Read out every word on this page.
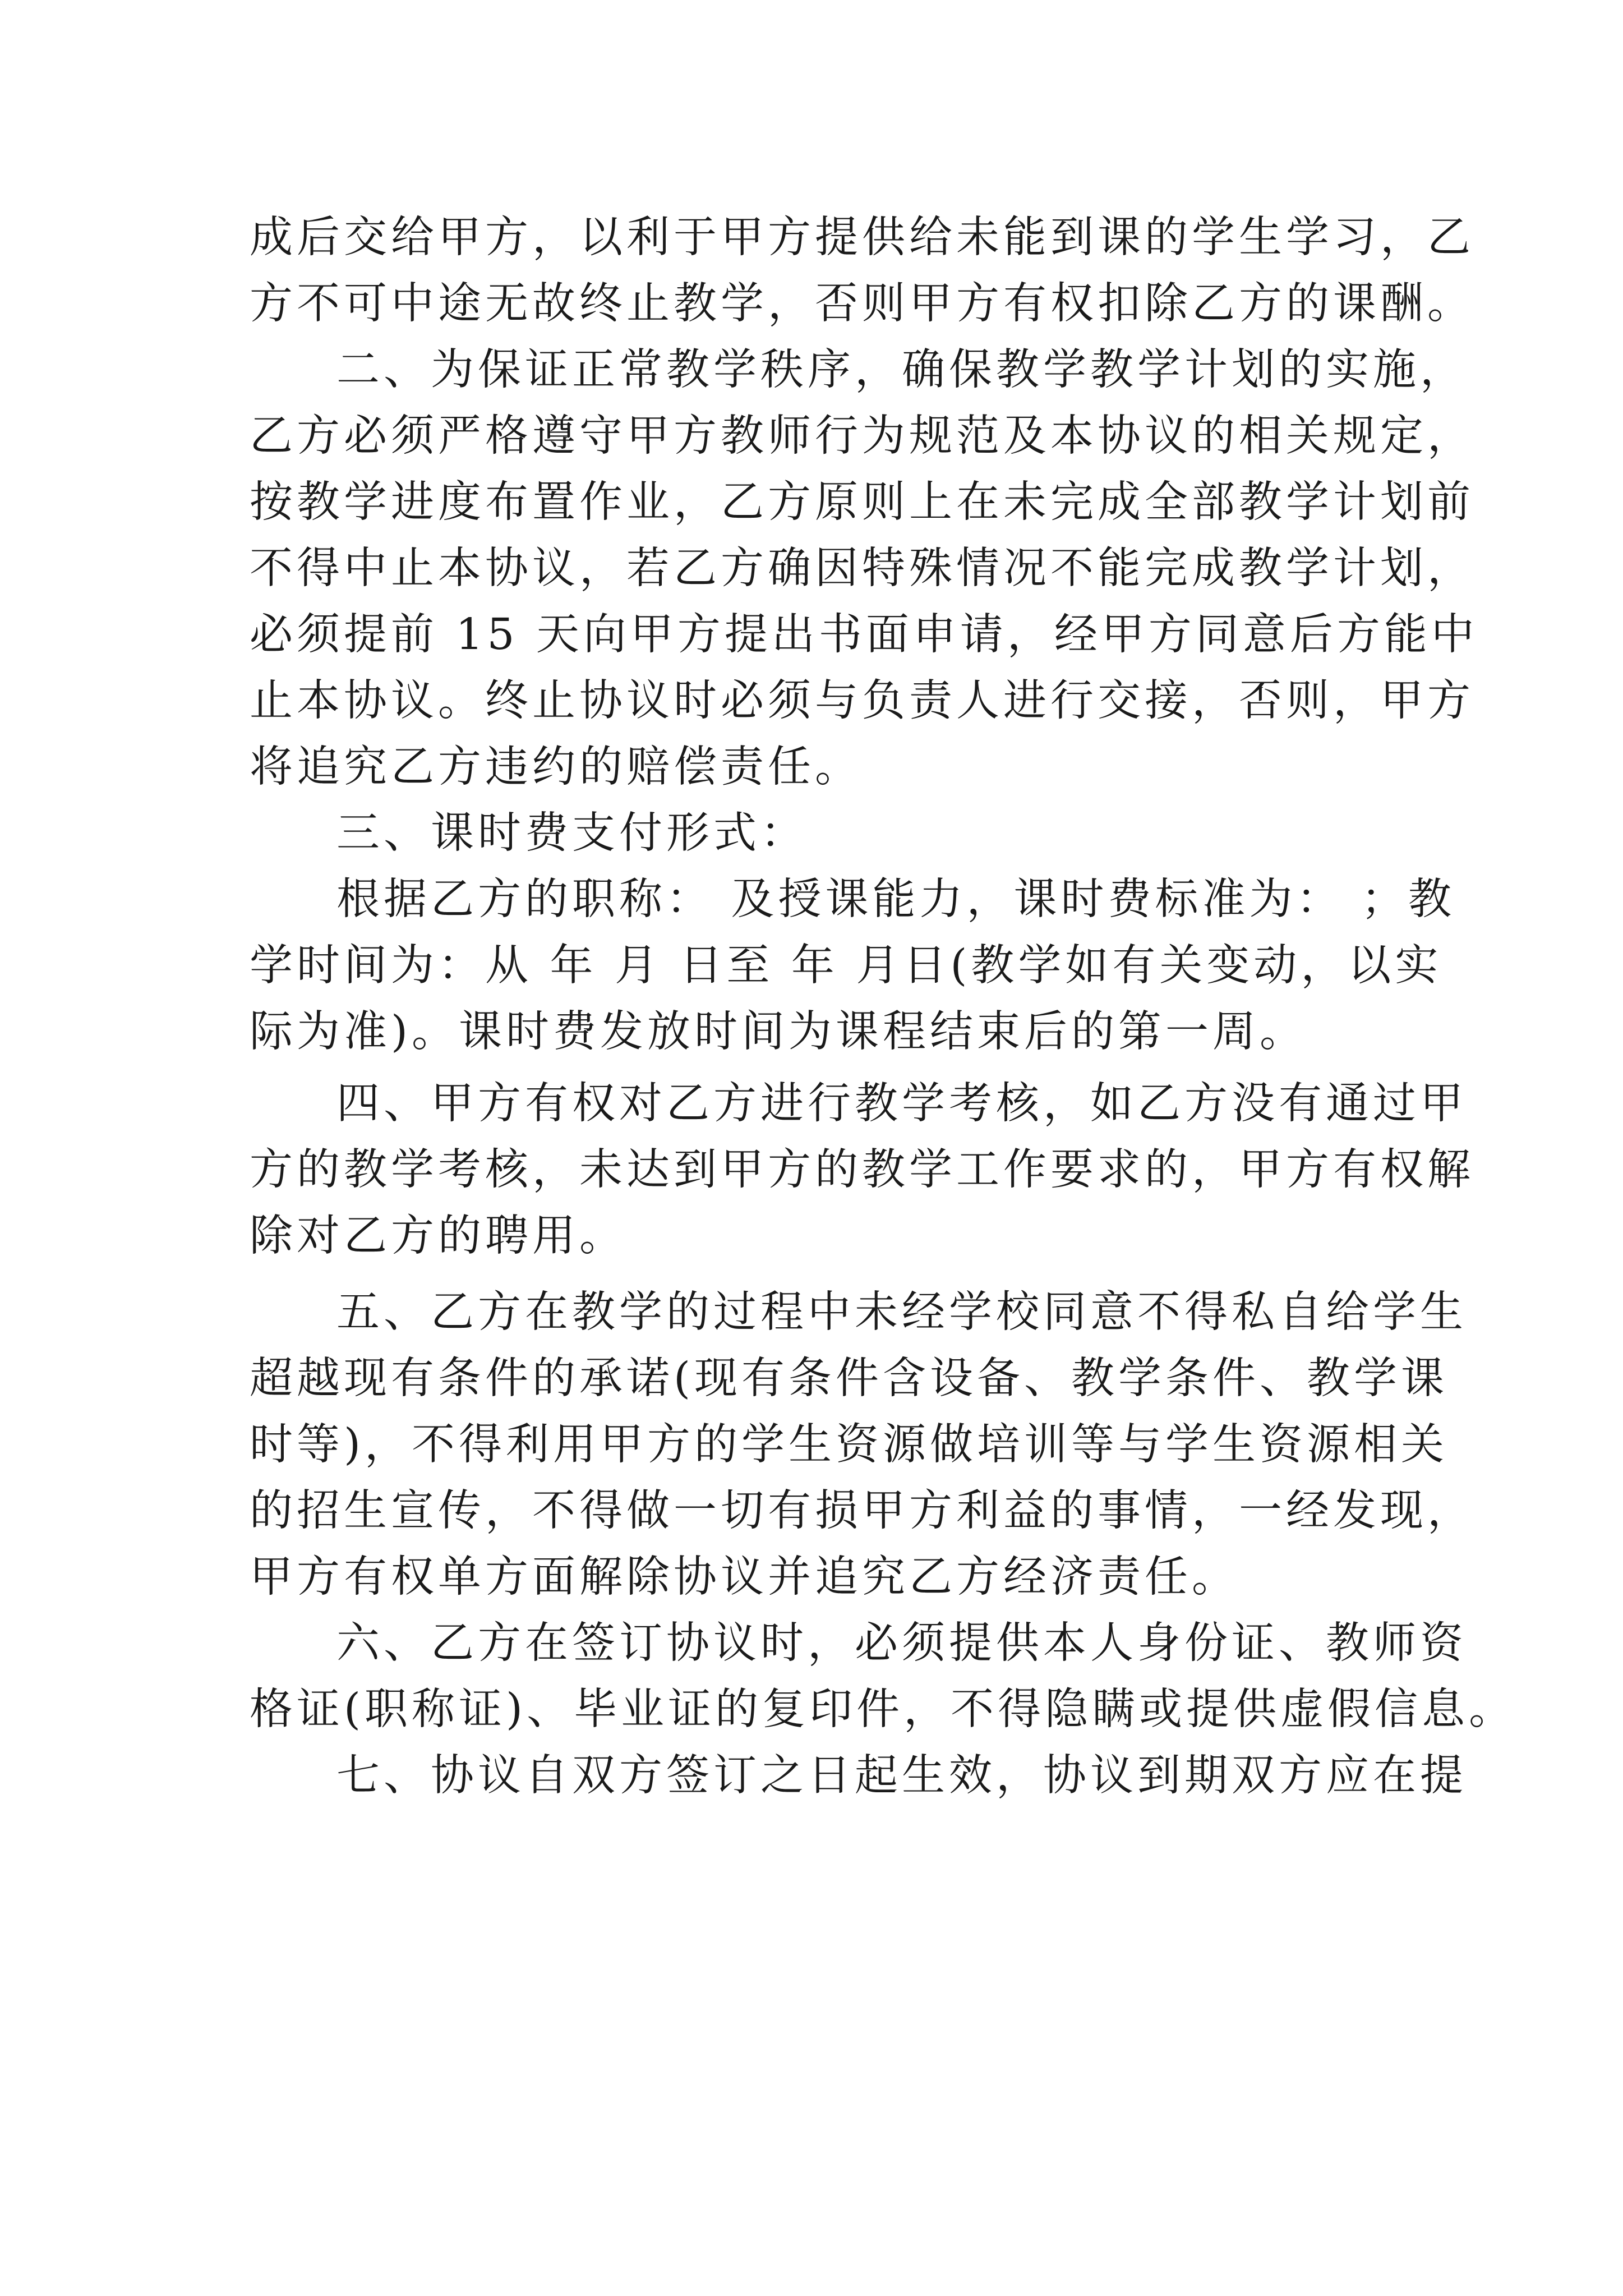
成后交给甲方，以利于甲方提供给未能到课的学生学习，乙
方不可中途无故终止教学，否则甲方有权扣除乙方的课酬。
二、为保证正常教学秩序，确保教学教学计划的实施，
乙方必须严格遵守甲方教师行为规范及本协议的相关规定，
按教学进度布置作业，乙方原则上在未完成全部教学计划前
不得中止本协议，若乙方确因特殊情况不能完成教学计划，
必须提前 15 天向甲方提出书面申请，经甲方同意后方能中
止本协议。终止协议时必须与负责人进行交接，否则，甲方
将追究乙方违约的赔偿责任。
三、课时费支付形式：
根据乙方的职称： 及授课能力，课时费标准为： ；教
学时间为：从 年 月 日至 年 月日(教学如有关变动，以实
际为准)。课时费发放时间为课程结束后的第一周。
四、甲方有权对乙方进行教学考核，如乙方没有通过甲
方的教学考核，未达到甲方的教学工作要求的，甲方有权解
除对乙方的聘用。
五、乙方在教学的过程中未经学校同意不得私自给学生
超越现有条件的承诺(现有条件含设备、教学条件、教学课
时等)，不得利用甲方的学生资源做培训等与学生资源相关
的招生宣传，不得做一切有损甲方利益的事情，一经发现，
甲方有权单方面解除协议并追究乙方经济责任。
六、乙方在签订协议时，必须提供本人身份证、教师资
格证(职称证)、毕业证的复印件，不得隐瞒或提供虚假信息。
七、协议自双方签订之日起生效，协议到期双方应在提
